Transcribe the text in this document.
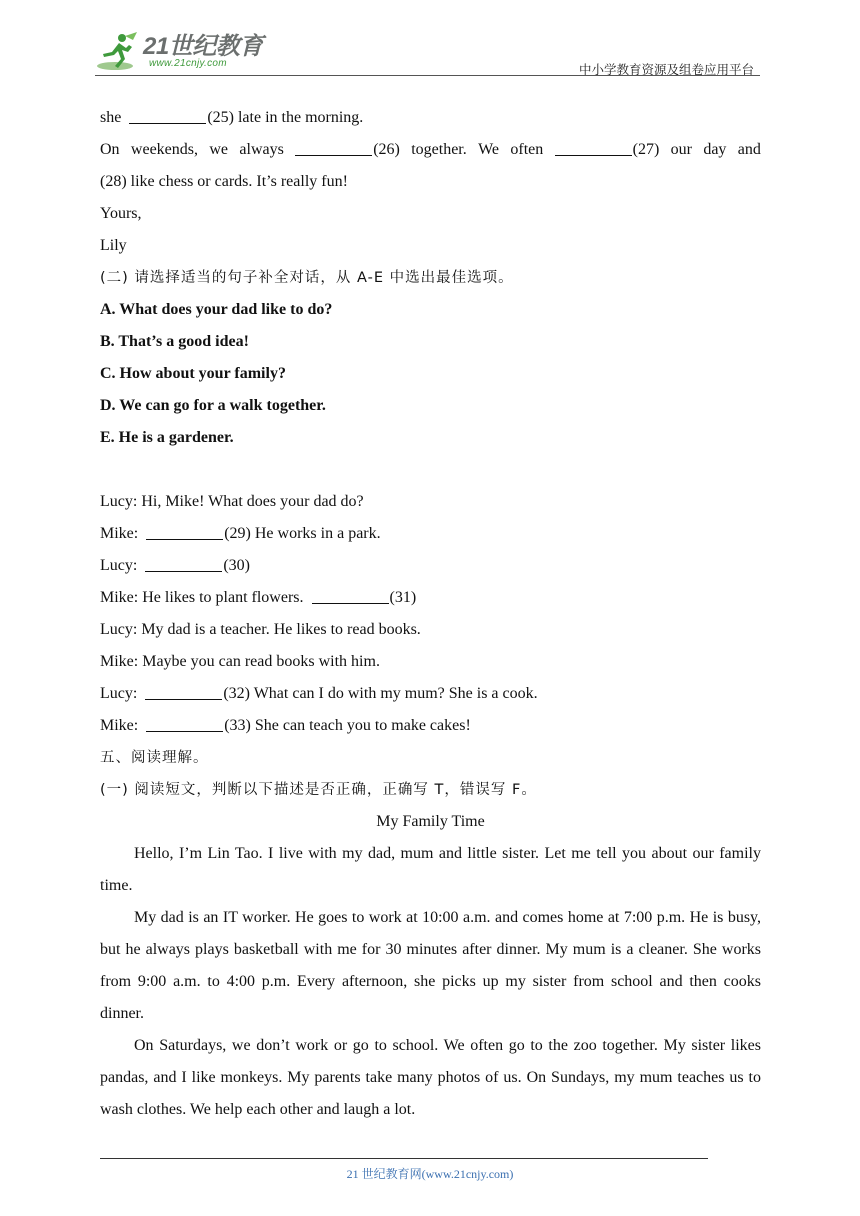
21世纪教育
www.21cnjy.com	中小学教育资源及组卷应用平台
she	(25) late in the morning.
On weekends, we always	(26) together. We often	(27) our day and
(28) like chess or cards. It’s really fun!
Yours,
Lily
(二) 请选择适当的句子补全对话，从 A-E 中选出最佳选项。
A. What does your dad like to do?
B. That’s a good idea!
C. How about your family?
D. We can go for a walk together.
E. He is a gardener.
Lucy: Hi, Mike! What does your dad do?
Mike:	(29) He works in a park.
Lucy:	(30)
Mike: He likes to plant flowers.	(31)
Lucy: My dad is a teacher. He likes to read books.
Mike: Maybe you can read books with him.
Lucy:	(32) What can I do with my mum? She is a cook.
Mike:	(33) She can teach you to make cakes!
五、阅读理解。
(一) 阅读短文，判断以下描述是否正确，正确写 T，错误写 F。
My Family Time
Hello, I’m Lin Tao. I live with my dad, mum and little sister. Let me tell you about our family time.
My dad is an IT worker. He goes to work at 10:00 a.m. and comes home at 7:00 p.m. He is busy, but he always plays basketball with me for 30 minutes after dinner. My mum is a cleaner. She works from 9:00 a.m. to 4:00 p.m. Every afternoon, she picks up my sister from school and then cooks dinner.
On Saturdays, we don’t work or go to school. We often go to the zoo together. My sister likes pandas, and I like monkeys. My parents take many photos of us. On Sundays, my mum teaches us to wash clothes. We help each other and laugh a lot.
21 世纪教育网(www.21cnjy.com)
